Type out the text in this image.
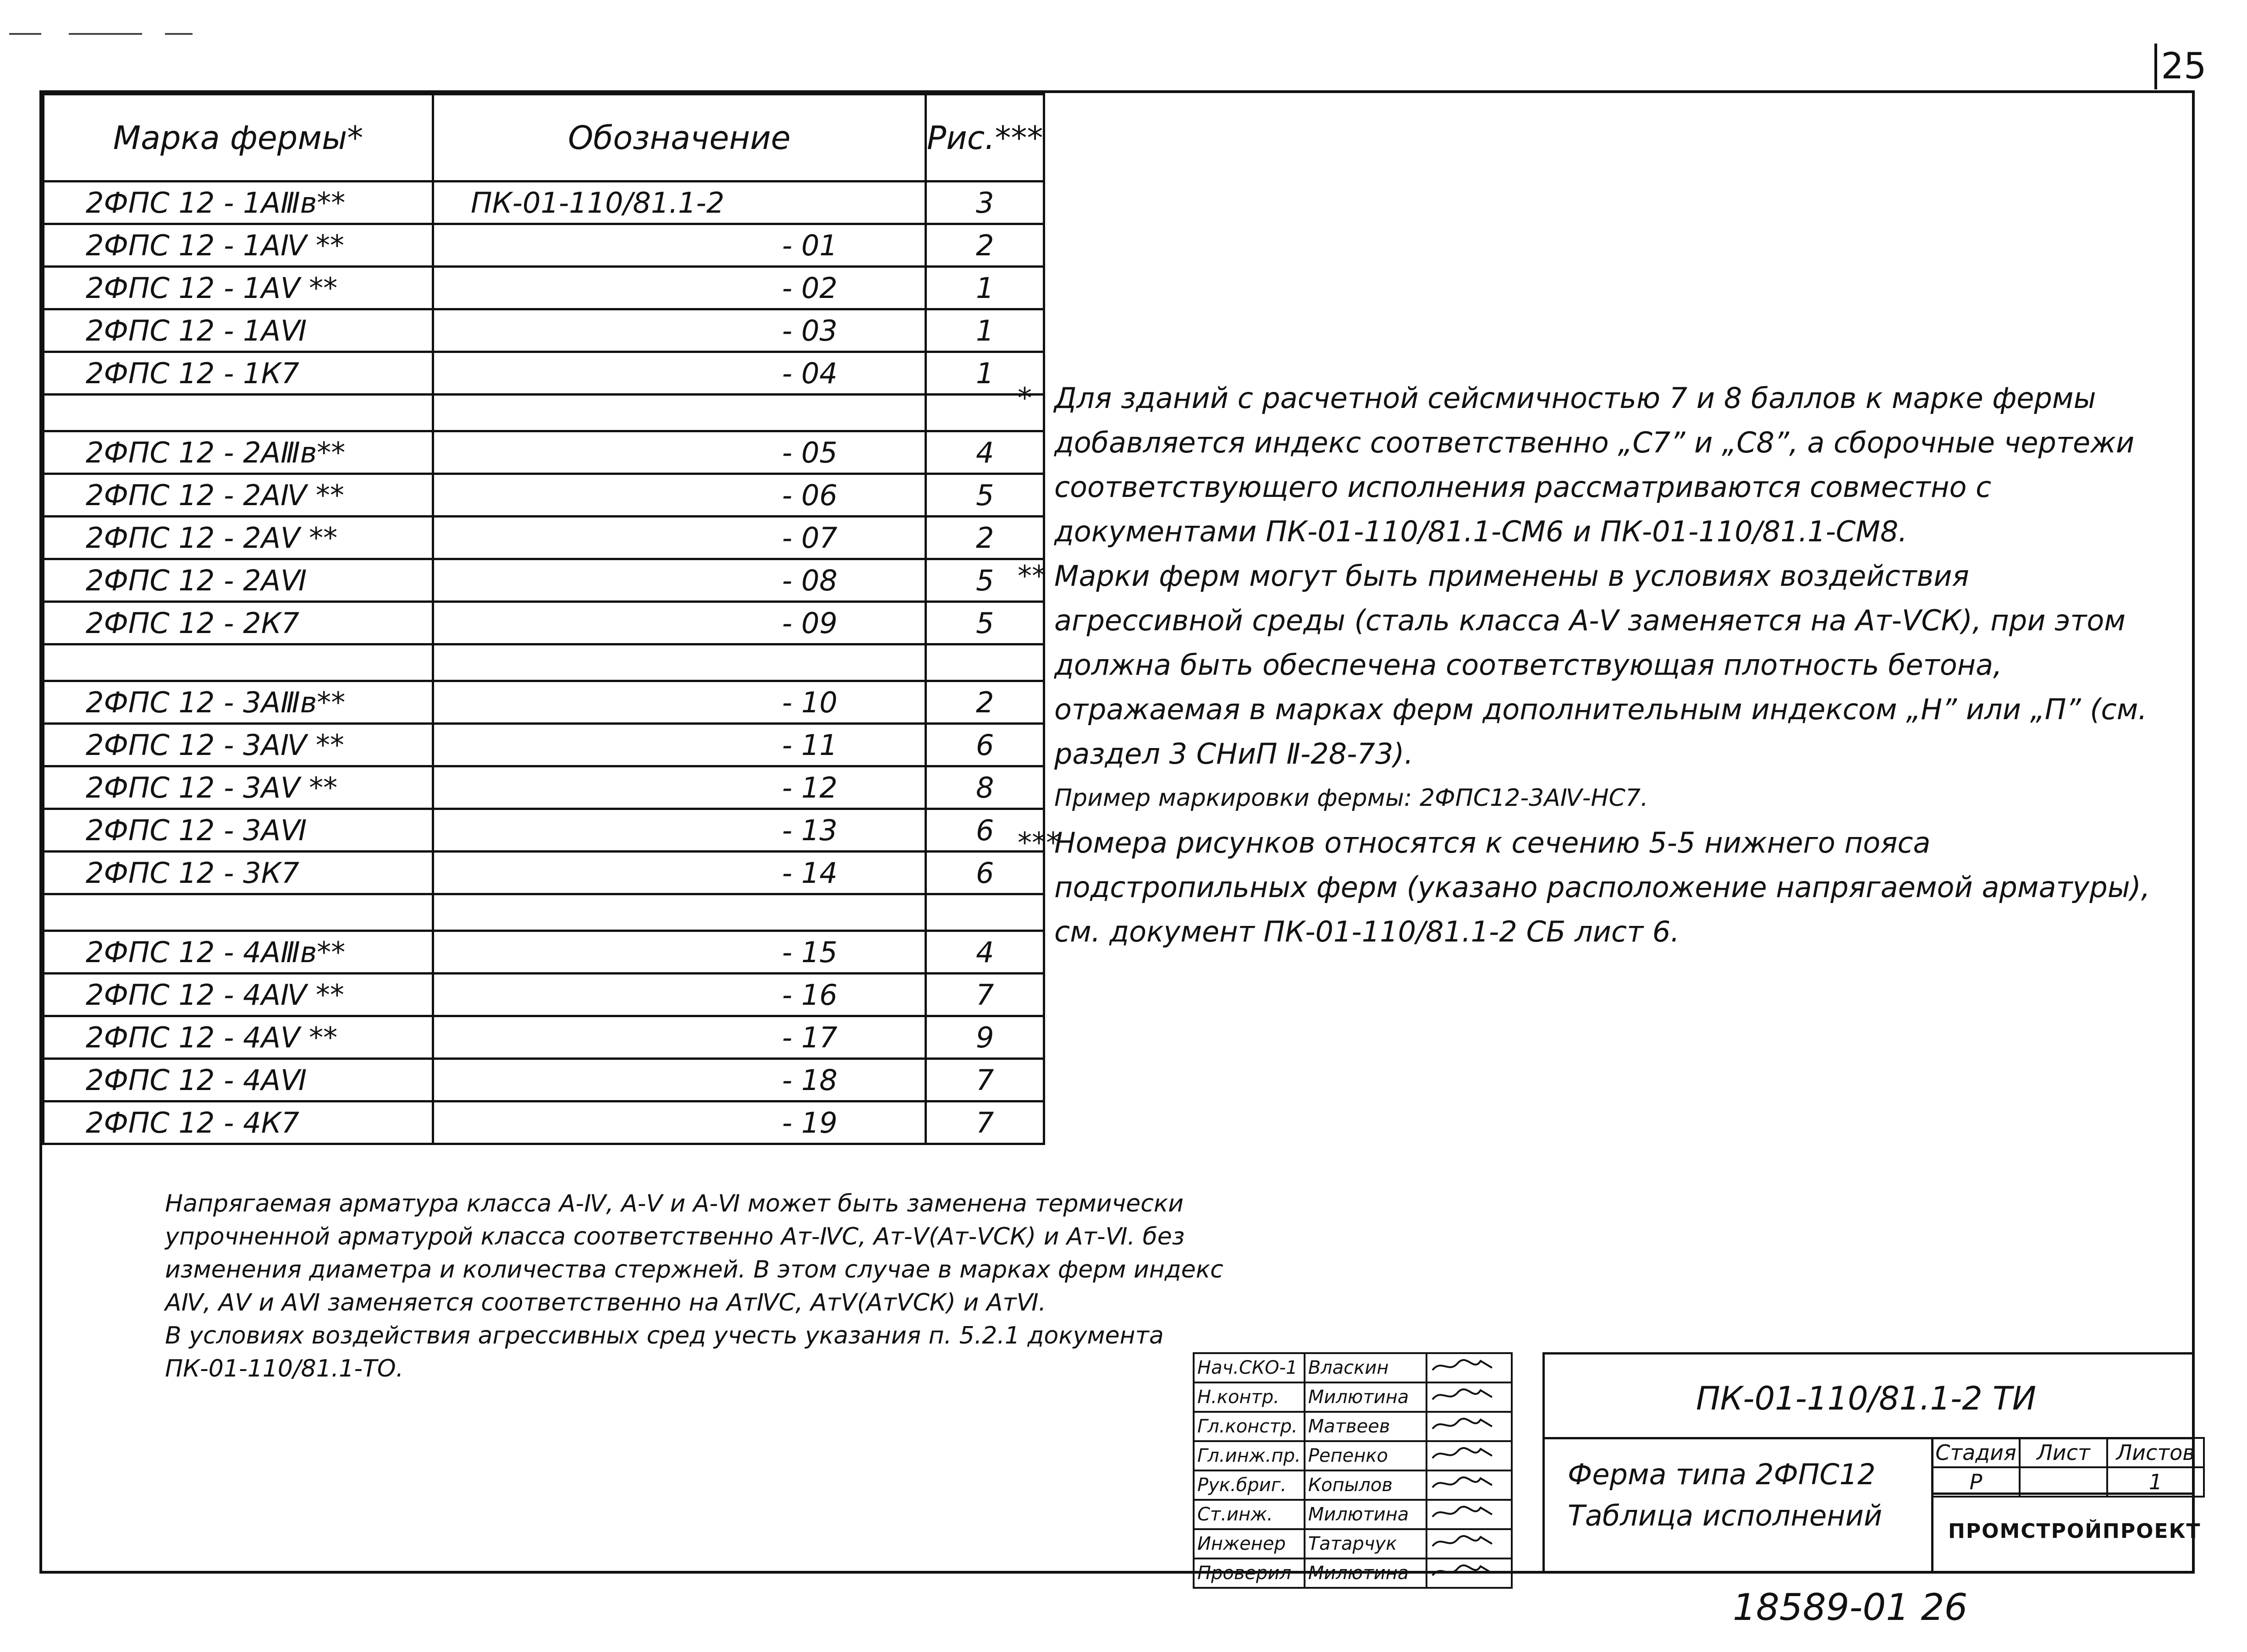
25
Марка фермы*	Обозначение	Рис.***
2ФПС 12 - 1АⅢв**	ПК-01-110/81.1-2	3
2ФПС 12 - 1АⅣ **	- 01	2
2ФПС 12 - 1АⅤ **	- 02	1
2ФПС 12 - 1АⅥ	- 03	1
2ФПС 12 - 1К7	- 04	1

2ФПС 12 - 2АⅢв**	- 05	4
2ФПС 12 - 2АⅣ **	- 06	5
2ФПС 12 - 2АⅤ **	- 07	2
2ФПС 12 - 2АⅥ	- 08	5
2ФПС 12 - 2К7	- 09	5

2ФПС 12 - 3АⅢв**	- 10	2
2ФПС 12 - 3АⅣ **	- 11	6
2ФПС 12 - 3АⅤ **	- 12	8
2ФПС 12 - 3АⅥ	- 13	6
2ФПС 12 - 3К7	- 14	6

2ФПС 12 - 4АⅢв**	- 15	4
2ФПС 12 - 4АⅣ **	- 16	7
2ФПС 12 - 4АⅤ **	- 17	9
2ФПС 12 - 4АⅥ	- 18	7
2ФПС 12 - 4К7	- 19	7

* Для зданий с расчетной сейсмичностью 7 и 8 баллов к марке фермы добавляется индекс соответственно „С7” и „С8”, а сборочные чертежи соответствующего исполнения рассматриваются совместно с документами ПК-01-110/81.1-СМ6 и ПК-01-110/81.1-СМ8.

** Марки ферм могут быть применены в условиях воздействия агрессивной среды (сталь класса А-Ⅴ заменяется на Ат-ⅤСК), при этом должна быть обеспечена соответствующая плотность бетона, отражаемая в марках ферм дополнительным индексом „Н” или „П” (см. раздел 3 СНиП Ⅱ-28-73).

Пример маркировки фермы: 2ФПС12-3АⅣ-НС7.

***
Номера рисунков относятся к сечению 5-5 нижнего пояса подстропильных ферм (указано расположение напрягаемой арматуры), см. документ ПК-01-110/81.1-2 СБ лист 6.

Напрягаемая арматура класса А-Ⅳ, А-Ⅴ и А-Ⅵ может быть заменена термически упрочненной арматурой класса соответственно Ат-ⅣС, Ат-Ⅴ(Ат-ⅤСК) и Ат-Ⅵ. без изменения диаметра и количества стержней. В этом случае в марках ферм индекс АⅣ, АⅤ и АⅥ заменяется соответственно на АтⅣС, АтⅤ(АтⅤСК) и АтⅥ.

В условиях воздействия агрессивных сред учесть указания п. 5.2.1 документа ПК-01-110/81.1-ТО.	Нач.СКО-1	Власкин	
Н.контр.	Милютина	
Гл.констр.	Матвеев	
Гл.инж.пр.	Репенко	
Рук.бриг.	Копылов	
Ст.инж.	Милютина	
Инженер	Татарчук	
Проверил	Милютина	
ПК-01-110/81.1-2 ТИ
Ферма типа 2ФПС12
Таблица исполнений
Стадия	Лист	Листов
Р		1
ПРОМСТРОЙПРОЕКТ
18589-01 26
